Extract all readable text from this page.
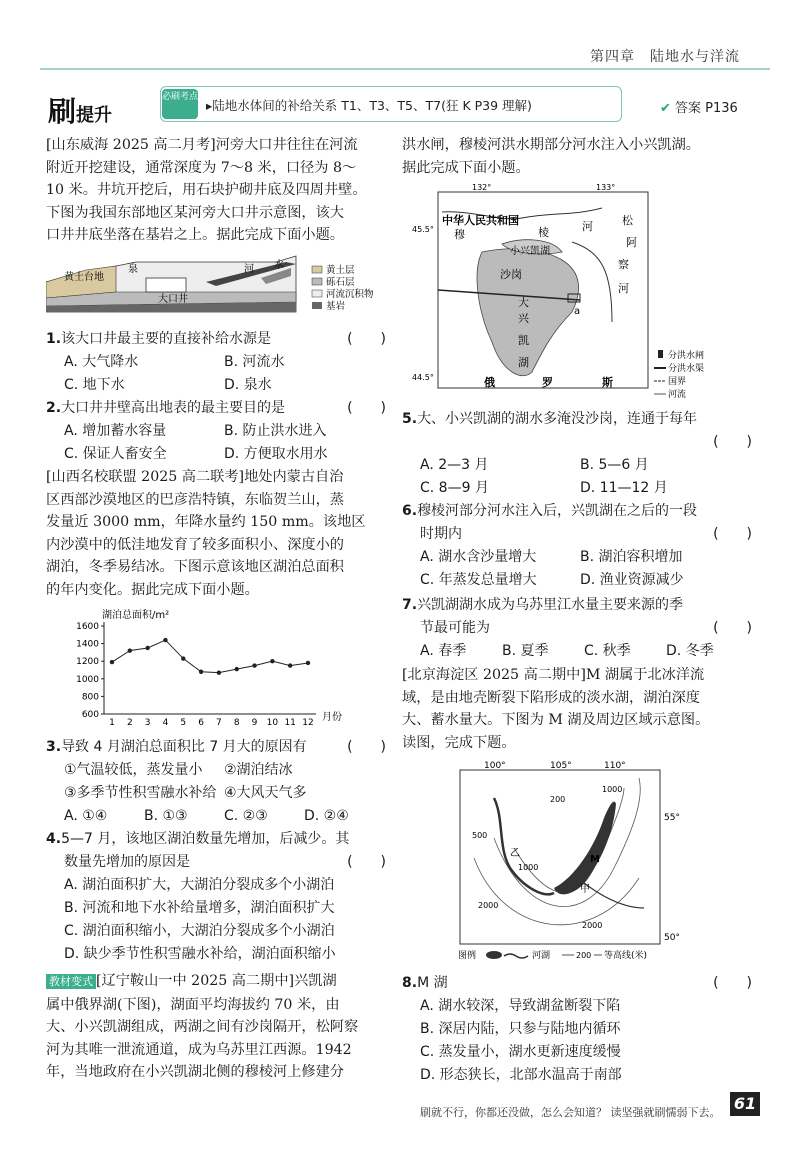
第四章　陆地水与洋流
刷提升
必刷考点
▸陆地水体间的补给关系 T1、T3、T5、T7(狂 K P39 理解)	✔ 答案 P136
[山东威海 2025 高二月考]河旁大口井往往在河流
附近开挖建设，通常深度为 7～8 米，口径为 8～
10 米。井坑开挖后，用石块护砌井底及四周井壁。
下图为我国东部地区某河旁大口井示意图，该大
口井井底坐落在基岩之上。据此完成下面小题。
黄土台地
泉
大口井
河 水	黄土层
砾石层
河流沉积物
基岩
1.该大口井最主要的直接补给水源是	(　　)
A. 大气降水	B. 河流水
C. 地下水	D. 泉水
2.大口井井壁高出地表的最主要目的是	(　　)
A. 增加蓄水容量	B. 防止洪水进入
C. 保证人畜安全	D. 方便取水用水
[山西名校联盟 2025 高二联考]地处内蒙古自治
区西部沙漠地区的巴彦浩特镇，东临贺兰山，蒸
发量近 3000 mm，年降水量约 150 mm。该地区
内沙漠中的低洼地发育了较多面积小、深度小的
湖泊，冬季易结冰。下图示意该地区湖泊总面积
的年内变化。据此完成下面小题。
湖泊总面积/m²
月份
600
800
1000
1200
1400
1600
1 2 3 4 5 6 7 8 9 10 11 12
3.导致 4 月湖泊总面积比 7 月大的原因有	(　　)
①气温较低，蒸发量小	②湖泊结冰
③多季节性积雪融水补给 ④大风天气多
A. ①④	B. ①③	C. ②③	D. ②④
4.5—7 月，该地区湖泊数量先增加，后减少。其
数量先增加的原因是	(　　)
A. 湖泊面积扩大，大湖泊分裂成多个小湖泊
B. 河流和地下水补给量增多，湖泊面积扩大
C. 湖泊面积缩小，大湖泊分裂成多个小湖泊
D. 缺少季节性积雪融水补给，湖泊面积缩小
教材变式 [辽宁鞍山一中 2025 高二期中]兴凯湖
属中俄界湖(下图)，湖面平均海拔约 70 米，由
大、小兴凯湖组成，两湖之间有沙岗隔开，松阿察
河为其唯一泄流通道，成为乌苏里江西源。1942
年，当地政府在小兴凯湖北侧的穆棱河上修建分
洪水闸，穆棱河洪水期部分河水注入小兴凯湖。
据此完成下面小题。
132°	133°
45.5°
44.5°
中华人民共和国
穆	棱	河
小兴凯湖
沙岗
大
兴
凯
湖
松
阿
察
河
a
俄	罗	斯
分洪水闸
分洪水渠
国界
河流
5.大、小兴凯湖的湖水多淹没沙岗，连通于每年
(　　)
A. 2—3 月	B. 5—6 月
C. 8—9 月	D. 11—12 月
6.穆棱河部分河水注入后，兴凯湖在之后的一段
时期内	(　　)
A. 湖水含沙量增大	B. 湖泊容积增加
C. 年蒸发总量增大	D. 渔业资源减少
7.兴凯湖湖水成为乌苏里江水量主要来源的季
节最可能为	(　　)
A. 春季	B. 夏季	C. 秋季	D. 冬季
[北京海淀区 2025 高二期中]M 湖属于北冰洋流
域，是由地壳断裂下陷形成的淡水湖，湖泊深度
大、蓄水量大。下图为 M 湖及周边区域示意图。
读图，完成下题。
100°	105°	110°
55°
50°
200
500
1000
1000
2000
2000
乙
甲
M
图例	河湖	200 等高线(米)
8.M 湖	(　　)
A. 湖水较深，导致湖盆断裂下陷
B. 深居内陆，只参与陆地内循环
C. 蒸发量小，湖水更新速度缓慢
D. 形态狭长，北部水温高于南部
刷就不行，你都还没做，怎么会知道？ 读坚强就刷懦弱下去。 61
